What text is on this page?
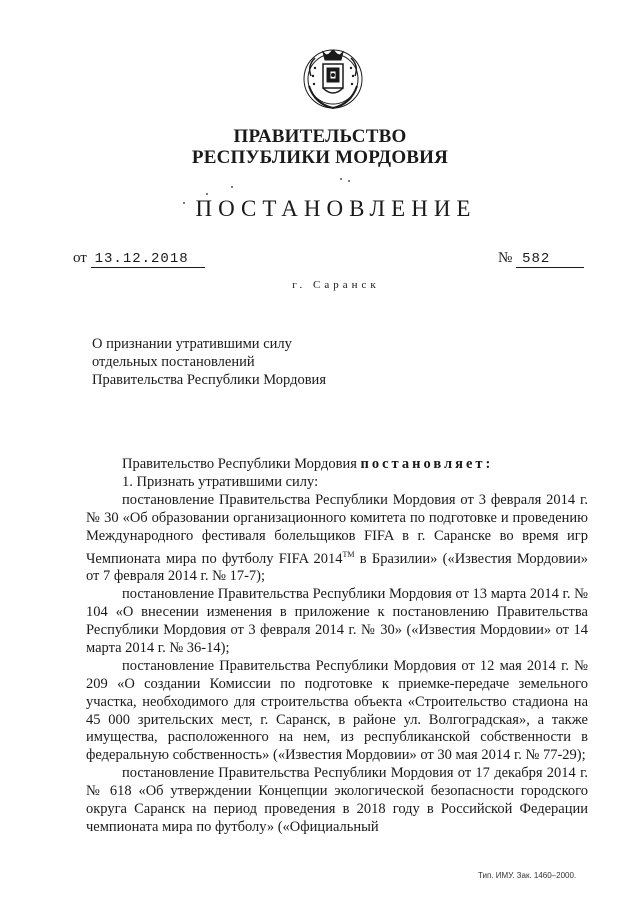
ПРАВИТЕЛЬСТВО
РЕСПУБЛИКИ МОРДОВИЯ
ПОСТАНОВЛЕНИЕ
от 13.12.2018	№ 582
г. Саранск
О признании утратившими силу
отдельных постановлений
Правительства Республики Мордовия

Правительство Республики Мордовия постановляет:

1. Признать утратившими силу:

постановление Правительства Республики Мордовия от 3 февраля 2014 г. № 30 «Об образовании организационного комитета по подготовке и проведению Международного фестиваля болельщиков FIFA в г. Саранске во время игр Чемпионата мира по футболу FIFA 2014™ в Бразилии» («Известия Мордовии» от 7 февраля 2014 г. № 17-7);

постановление Правительства Республики Мордовия от 13 марта 2014 г. № 104 «О внесении изменения в приложение к постановлению Правительства Республики Мордовия от 3 февраля 2014 г. № 30» («Известия Мордовии» от 14 марта 2014 г. № 36-14);

постановление Правительства Республики Мордовия от 12 мая 2014 г. № 209 «О создании Комиссии по подготовке к приемке-передаче земельного участка, необходимого для строительства объекта «Строительство стадиона на 45 000 зрительских мест, г. Саранск, в районе ул. Волгоградская», а также имущества, расположенного на нем, из республиканской собственности в федеральную собственность» («Известия Мордовии» от 30 мая 2014 г. № 77-29);

постановление Правительства Республики Мордовия от 17 декабря 2014 г. № 618 «Об утверждении Концепции экологической безопасности городского округа Саранск на период проведения в 2018 году в Российской Федерации чемпионата мира по футболу» («Официальный

Тип. ИМУ. Зак. 1460–2000.
